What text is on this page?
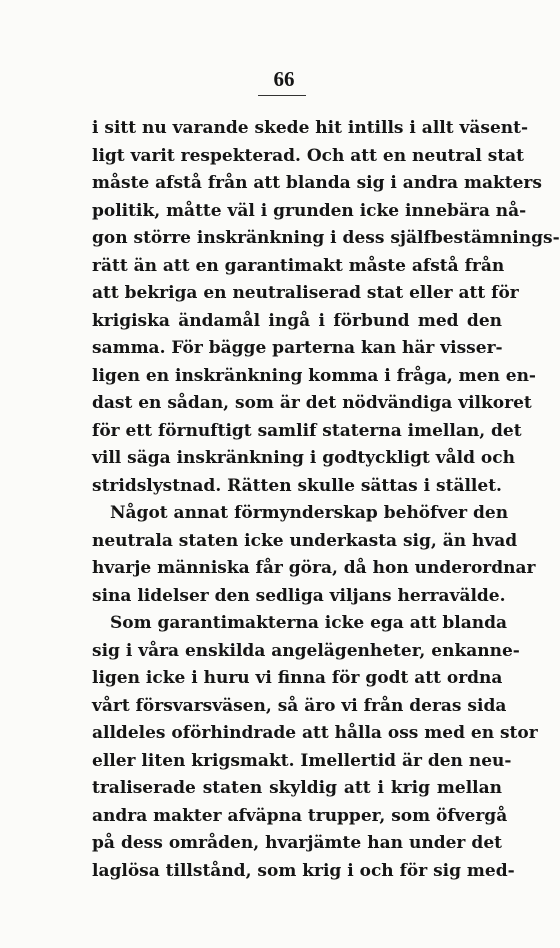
66
i sitt nu varande skede hit intills i allt väsent-
ligt varit respekterad. Och att en neutral stat
måste afstå från att blanda sig i andra makters
politik, måtte väl i grunden icke innebära nå-
gon större inskränkning i dess själfbestämnings-
rätt än att en garantimakt måste afstå från
att bekriga en neutraliserad stat eller att för
krigiska ändamål ingå i förbund med den
samma. För bägge parterna kan här visser-
ligen en inskränkning komma i fråga, men en-
dast en sådan, som är det nödvändiga vilkoret
för ett förnuftigt samlif staterna imellan, det
vill säga inskränkning i godtyckligt våld och
stridslystnad. Rätten skulle sättas i stället.
Något annat förmynderskap behöfver den
neutrala staten icke underkasta sig, än hvad
hvarje människa får göra, då hon underordnar
sina lidelser den sedliga viljans herravälde.
Som garantimakterna icke ega att blanda
sig i våra enskilda angelägenheter, enkanne-
ligen icke i huru vi finna för godt att ordna
vårt försvarsväsen, så äro vi från deras sida
alldeles oförhindrade att hålla oss med en stor
eller liten krigsmakt. Imellertid är den neu-
traliserade staten skyldig att i krig mellan
andra makter afväpna trupper, som öfvergå
på dess områden, hvarjämte han under det
laglösa tillstånd, som krig i och för sig med-
